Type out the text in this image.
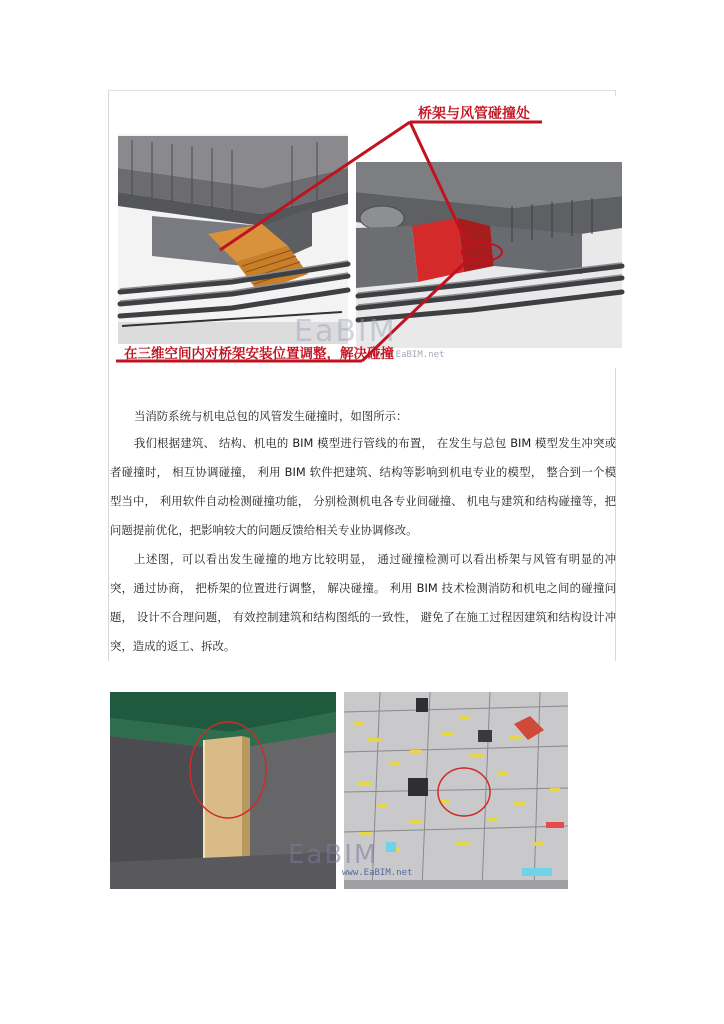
桥架与风管碰撞处
EaBIM
www.EaBIM.net
在三维空间内对桥架安装位置调整，解决碰撞

当消防系统与机电总包的风管发生碰撞时，如图所示：

我们根据建筑、 结构、机电的 BIM 模型进行管线的布置， 在发生与总包 BIM 模型发生冲突或者碰撞时， 相互协调碰撞， 利用 BIM 软件把建筑、结构等影响到机电专业的模型， 整合到一个模型当中， 利用软件自动检测碰撞功能， 分别检测机电各专业间碰撞、 机电与建筑和结构碰撞等，把问题提前优化，把影响较大的问题反馈给相关专业协调修改。

上述图，可以看出发生碰撞的地方比较明显， 通过碰撞检测可以看出桥架与风管有明显的冲突，通过协商， 把桥架的位置进行调整， 解决碰撞。 利用 BIM 技术检测消防和机电之间的碰撞问题， 设计不合理问题， 有效控制建筑和结构图纸的一致性， 避免了在施工过程因建筑和结构设计冲突，造成的返工、拆改。

EaBIM
www.EaBIM.net
